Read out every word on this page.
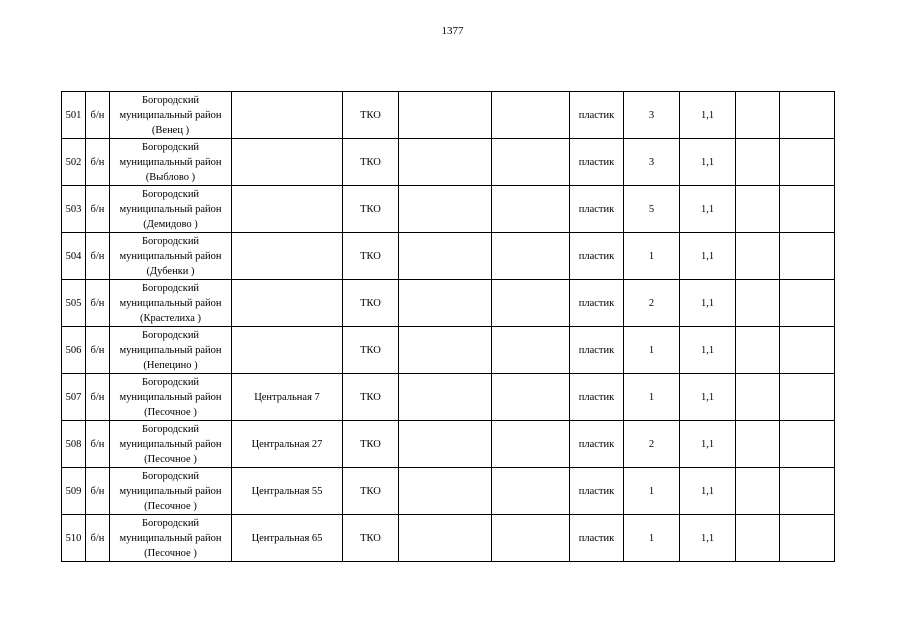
1377
501	б/н	Богородский
муниципальный район
(Венец )		ТКО			пластик	3	1,1		
502	б/н	Богородский
муниципальный район
(Выблово )		ТКО			пластик	3	1,1		
503	б/н	Богородский
муниципальный район
(Демидово )		ТКО			пластик	5	1,1		
504	б/н	Богородский
муниципальный район
(Дубенки )		ТКО			пластик	1	1,1		
505	б/н	Богородский
муниципальный район
(Крастелиха )		ТКО			пластик	2	1,1		
506	б/н	Богородский
муниципальный район
(Непецино )		ТКО			пластик	1	1,1		
507	б/н	Богородский
муниципальный район
(Песочное )	Центральная 7	ТКО			пластик	1	1,1		
508	б/н	Богородский
муниципальный район
(Песочное )	Центральная 27	ТКО			пластик	2	1,1		
509	б/н	Богородский
муниципальный район
(Песочное )	Центральная 55	ТКО			пластик	1	1,1		
510	б/н	Богородский
муниципальный район
(Песочное )	Центральная 65	ТКО			пластик	1	1,1		
